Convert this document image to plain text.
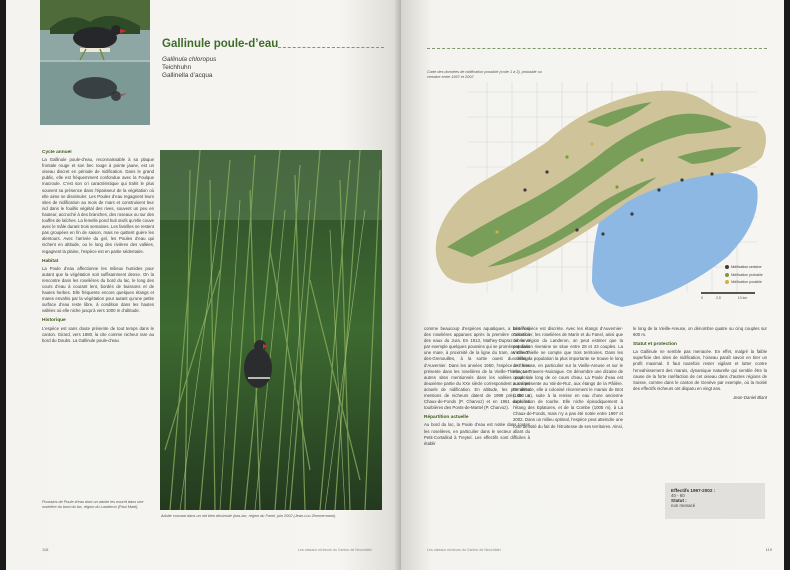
Gallinule poule-d’eau
Gallinula chloropus
Teichhuhn
Gallinella d’acqua
Cycle annuel
La Gallinule poule-d’eau, reconnaissable à sa plaque frontale rouge et son bec rouge à pointe jaune, est un oiseau discret en période de nidification. Dans le grand public, elle est fréquemment confondue avec la Foulque macroule. C’est son cri caractéristique qui trahit le plus souvent sa présence dans l’épaisseur de la végétation où elle aime se dissimuler. Les Poules d’eau regagnent leurs sites de nidification au mois de mars et construisent leur nid dans le fouillis végétal des rives, souvent un peu en hauteur, accroché à des branches, des roseaux ou sur des touffes de laîches. La femelle pond huit œufs qu’elle couve avec le mâle durant trois semaines. Les familles ne restent pas groupées en fin de saison, mais ne quittent guère les alentours. Avec l’arrivée du gel, les Poules d’eau qui nichent en altitude, ou le long des rivières des vallées, regagnent la plaine, l’espèce est en partie sédentaire.
Habitat
La Poule d’eau affectionne les milieux humides pour autant que la végétation soit suffisamment dense. On la rencontre dans les roselières du bord du lac, le long des cours d’eau à courant lent, bordés de buissons et de hautes herbes. Elle fréquente encore quelques étangs et mares envahis par la végétation pour autant qu’une petite surface d’eau reste libre, à condition dans les hautes vallées où elle niche jusqu’à vers 1000 m d’altitude.
Historique
L’espèce est sans doute présente de tout temps dans le canton. Girard, vers 1880, la cite comme nicheur rare au bord du Doubs. La Gallinule poule-d’eau
Poussins de Poule-d’eau dont un adulte les nourrit dans une roselière du bord du lac, région du Landeron (Paul Marti).
Adulte couvant dans un nid bien dissimulé (bas-lac, région du Fanel, juin 2002 (Jean-Lou Zimmermann)
118	Les oiseaux nicheurs du Canton de Neuchâtel
Carte des données de nidification possible (code 1 à 3), probable ou certaine entre 1997 et 2002
Nidification certaine
Nidification probable
Nidification possible
0	2,5	10 km
tant l’espèce est discrète. Avec les étangs d’Auvernier-Colombier, les roselières de Marin et du Fanel, ainsi que de la région du Landeron, on peut estimer que la population riveraine se situe entre 28 et 43 couples. La Vieille-Thielle ne compte que trois territoires. Dans les vallées, la population la plus importante se trouve le long de l’Areuse, en particulier sur la Vieille-Areuse et sur le tronçon Travers–Noiraigue. On dénombre une dizaine de couples le long de ce cours d’eau. La Poule d’eau est aussi présente au Val-de-Ruz, aux étangs de la Pâlière. En altitude, elle a colonisé récemment le marais de Brot (1000 m), suite à la remise en eau d’une ancienne exploitation de tourbe. Elle niche épisodiquement à l’étang des Eplatures, et de la Combe (1005 m), à La Chaux-de-Fonds, mais n’y a pas été notée entre 1997 et 2002. Dans un milieu optimal, l’espèce peut atteindre une forte densité du fait de l’étroitesse de ses territoires. Ainsi,
le long de la Vieille-Areuse, on dénombre quatre ou cinq couples sur 600 m.
Statut et protection
La Gallinule ne semble pas menacée. En effet, malgré la faible superficie des sites de nidification, l’oiseau paraît savoir en tirer un profit maximal. Il faut toutefois rester vigilant et lutter contre l’envahissement des marais, dynamique naturelle qui semble être la cause de la forte raréfaction de cet oiseau dans d’autres régions de Suisse, comme dans le canton de Genève par exemple, où la moitié des effectifs nicheurs ont disparu en vingt ans.
Jean-Daniel Blant
Effectifs 1997-2002 :
40 - 60
Statut :
non menacé
Les oiseaux nicheurs du Canton de Neuchâtel	119
comme beaucoup d’espèces aquatiques, a bénéficié des roselières apparues après la première correction des eaux du Jura. En 1913, Mathey-Dupraz observe par exemple quelques poussins qui se promènent dans une mare, à proximité de la ligne du tram, au Creux-des-Grenouilles, à la sortie ouest du village d’Auvernier. Dans les années 1950, l’espèce est bien présente dans les roselières de la Vieille-Thielle. Les autres sites mentionnés dans les vallées pour la deuxième partie du XXe siècle correspondent aux sites actuels de nidification. En altitude, les premières mentions de nicheurs datent de 1999 près de La Chaux-de-Fonds (P. Charvoz) et en 1961 dans les tourbières des Ponts-de-Martel (P. Charvoz).
Répartition actuelle
Au bord du lac, la Poule d’eau est notée dans toutes les roselières, en particulier dans le secteur allant du Petit-Cortaillod à Treytel. Les effectifs sont difficiles à établir
